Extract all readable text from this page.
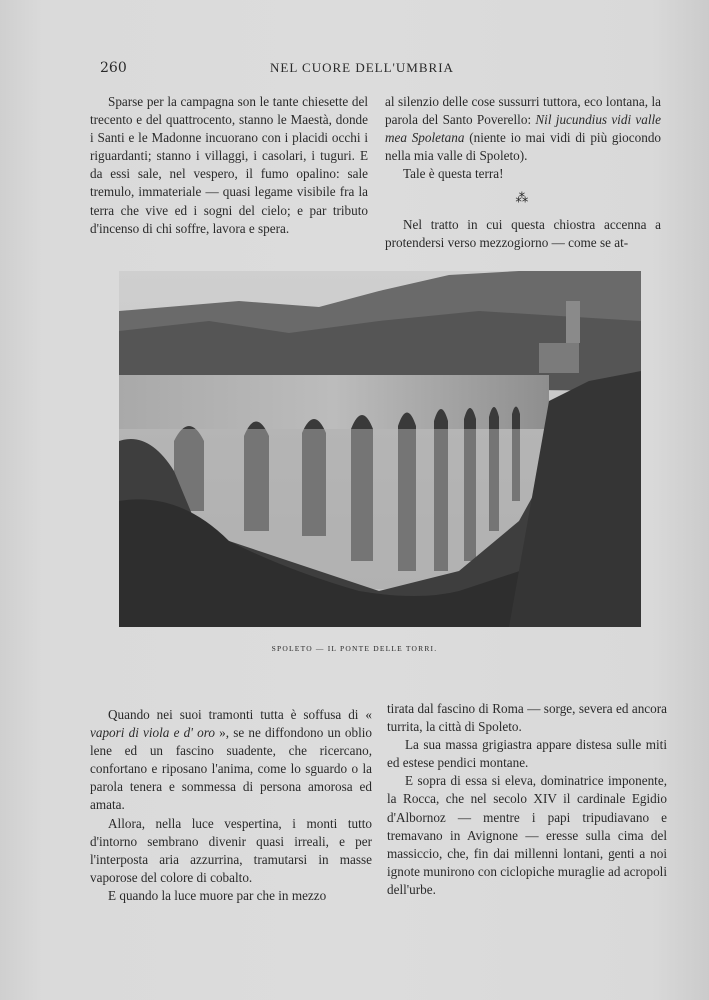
260	NEL CUORE DELL'UMBRIA

Sparse per la campagna son le tante chiesette del trecento e del quattrocento, stanno le Maestà, donde i Santi e le Madonne incuorano con i placidi occhi i riguardanti; stanno i villaggi, i casolari, i tuguri. E da essi sale, nel vespero, il fumo opalino: sale tremulo, immateriale — quasi legame visibile fra la terra che vive ed i sogni del cielo; e par tributo d'incenso di chi soffre, lavora e spera.

al silenzio delle cose sussurri tuttora, eco lontana, la parola del Santo Poverello: Nil jucundius vidi valle mea Spoletana (niente io mai vidi di più giocondo nella mia valle di Spoleto).

Tale è questa terra!

⁂

Nel tratto in cui questa chiostra accenna a protendersi verso mezzogiorno — come se at-

SPOLETO — IL PONTE DELLE TORRI.

Quando nei suoi tramonti tutta è soffusa di « vapori di viola e d' oro », se ne diffondono un oblio lene ed un fascino suadente, che ricercano, confortano e riposano l'anima, come lo sguardo o la parola tenera e sommessa di persona amorosa ed amata.

Allora, nella luce vespertina, i monti tutto d'intorno sembrano divenir quasi irreali, e per l'interposta aria azzurrina, tramutarsi in masse vaporose del colore di cobalto.

E quando la luce muore par che in mezzo

tirata dal fascino di Roma — sorge, severa ed ancora turrita, la città di Spoleto.

La sua massa grigiastra appare distesa sulle miti ed estese pendici montane.

E sopra di essa si eleva, dominatrice imponente, la Rocca, che nel secolo XIV il cardinale Egidio d'Albornoz — mentre i papi tripudiavano e tremavano in Avignone — eresse sulla cima del massiccio, che, fin dai millenni lontani, genti a noi ignote munirono con ciclopiche muraglie ad acropoli dell'urbe.
